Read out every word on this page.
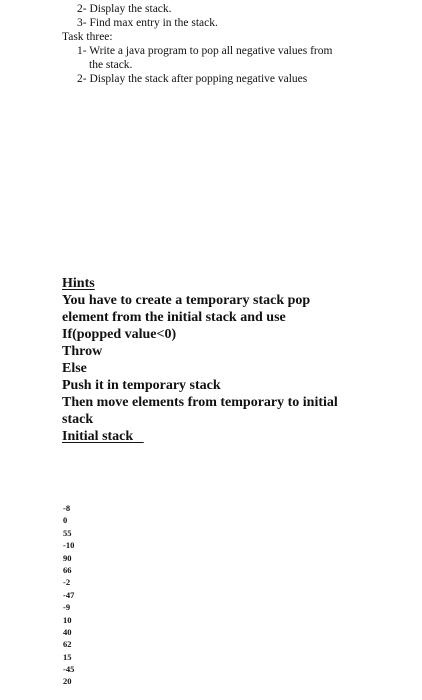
2- Display the stack.
3- Find max entry in the stack.
Task three:
1- Write a java program to pop all negative values from
the stack.
2- Display the stack after popping negative values
Hints
You have to create a temporary stack pop
element from the initial stack and use
If(popped value<0)
Throw
Else
Push it in temporary stack
Then move elements from temporary to initial
stack
Initial stack
-8
0
55
-10
90
66
-2
-47
-9
10
40
62
15
-45
20
